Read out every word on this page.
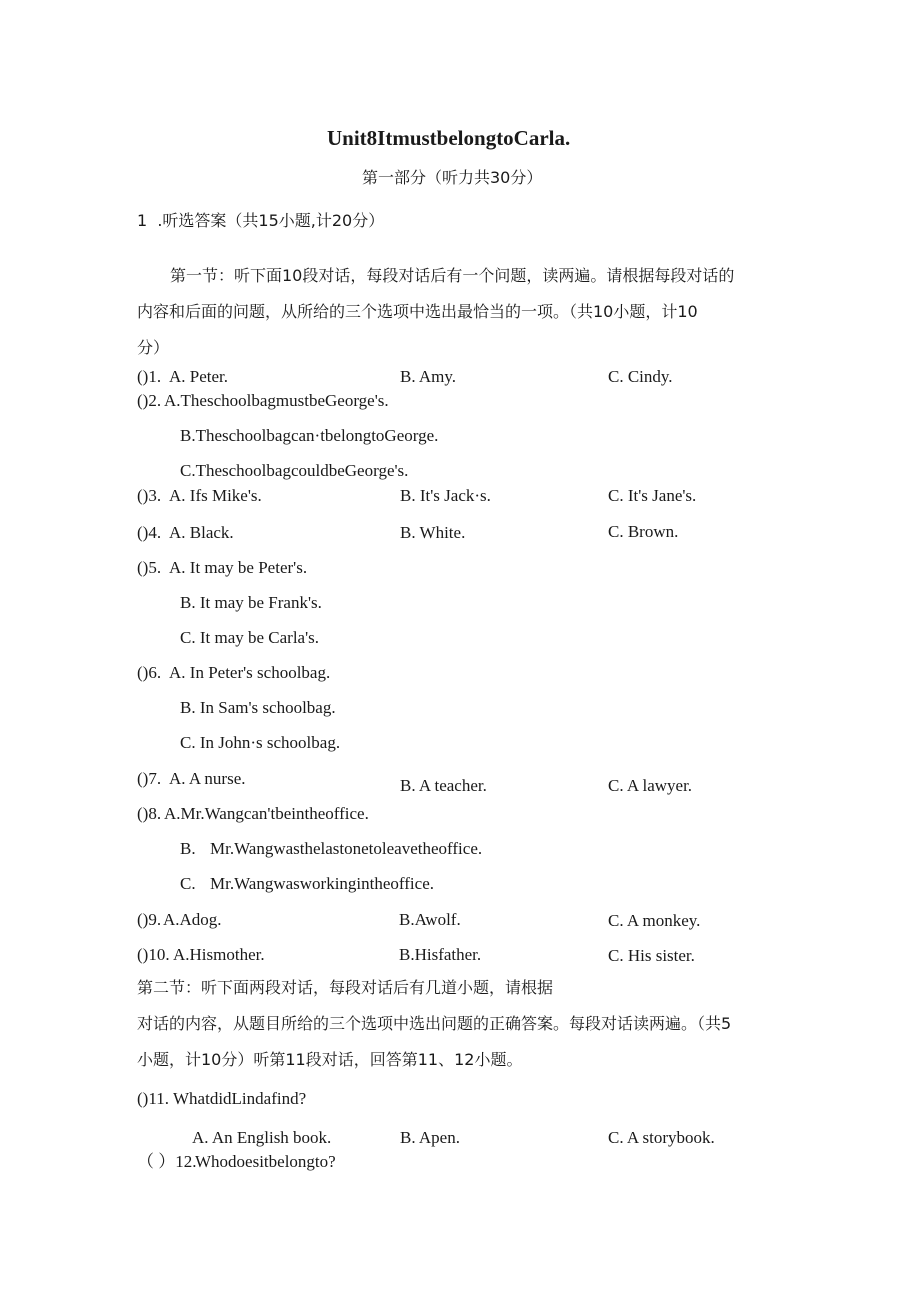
Unit8ItmustbelongtoCarla.
第一部分（听力共30分）
1	.听选答案（共15小题,计20分）
第一节：听下面10段对话，每段对话后有一个问题，读两遍。请根据每段对话的
内容和后面的问题，从所给的三个选项中选出最恰当的一项。（共10小题，计10
分）
()1. A. Peter.	B. Amy.	C. Cindy.
()2. A.TheschoolbagmustbeGeorge's.
B.Theschoolbagcan·tbelongtoGeorge.
C.TheschoolbagcouldbeGeorge's.
()3. A. Ifs Mike's.	B. It's Jack·s.	C. It's Jane's.
()4. A. Black.	B. White.	C. Brown.
()5. A. It may be Peter's.
B. It may be Frank's.
C. It may be Carla's.
()6. A. In Peter's schoolbag.
B. In Sam's schoolbag.
C. In John·s schoolbag.
()7. A. A nurse.	B. A teacher.	C. A lawyer.
()8. A.Mr.Wangcan'tbeintheoffice.
B. Mr.Wangwasthelastonetoleavetheoffice.
C. Mr.Wangwasworkingintheoffice.
()9. A.Adog.	B.Awolf.	C. A monkey.
()10. A.Hismother.	B.Hisfather.	C. His sister.
第二节：听下面两段对话，每段对话后有几道小题，请根据
对话的内容，从题目所给的三个选项中选出问题的正确答案。每段对话读两遍。（共5
小题，计10分）听第11段对话，回答第11、12小题。
()11. WhatdidLindafind?
A. An English book.	B. Apen.	C. A storybook.
（ ）12.
Whodoesitbelongto?
